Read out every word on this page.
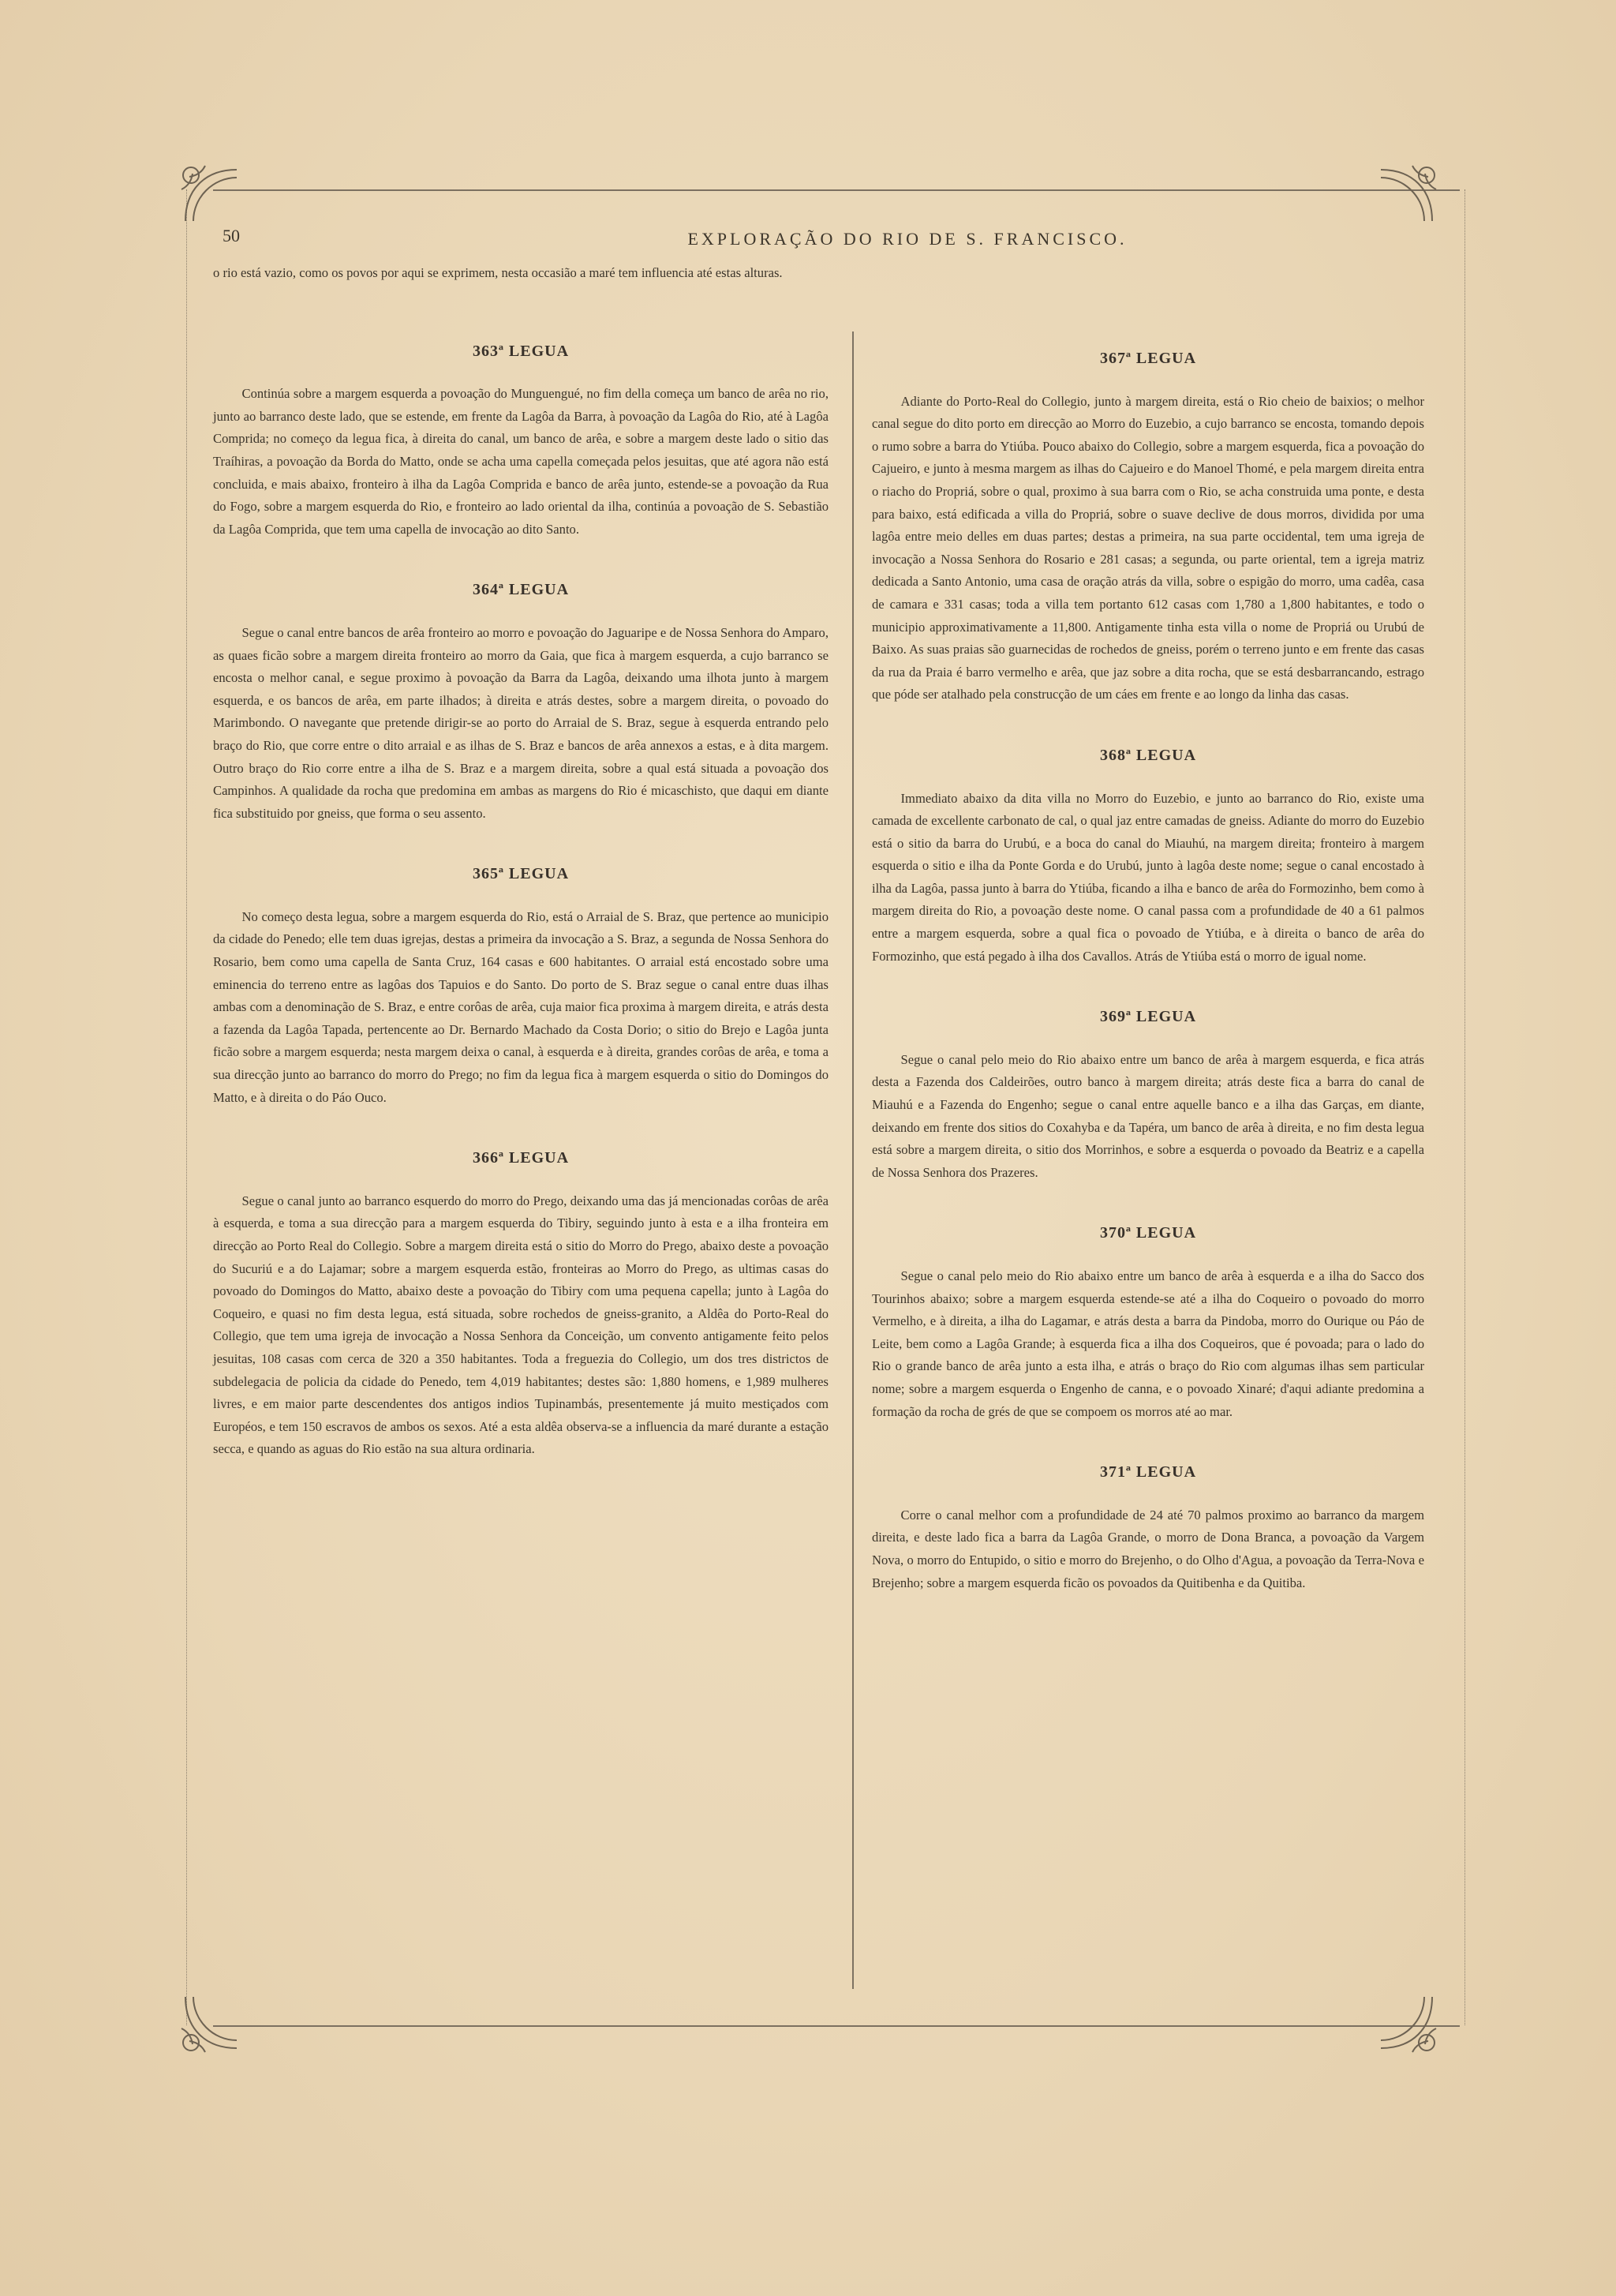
50	EXPLORAÇÃO DO RIO DE S. FRANCISCO.

o rio está vazio, como os povos por aqui se exprimem, nesta occasião a maré tem influencia até estas alturas.

363ª LEGUA

Continúa sobre a margem esquerda a povoação do Munguengué, no fim della começa um banco de arêa no rio, junto ao barranco deste lado, que se estende, em frente da Lagôa da Barra, à povoação da Lagôa do Rio, até à Lagôa Comprida; no começo da legua fica, à direita do canal, um banco de arêa, e sobre a margem deste lado o sitio das Traíhiras, a povoação da Borda do Matto, onde se acha uma capella começada pelos jesuitas, que até agora não está concluida, e mais abaixo, fronteiro à ilha da Lagôa Comprida e banco de arêa junto, estende-se a povoação da Rua do Fogo, sobre a margem esquerda do Rio, e fronteiro ao lado oriental da ilha, continúa a povoação de S. Sebastião da Lagôa Comprida, que tem uma capella de invocação ao dito Santo.

364ª LEGUA

Segue o canal entre bancos de arêa fronteiro ao morro e povoação do Jaguaripe e de Nossa Senhora do Amparo, as quaes ficão sobre a margem direita fronteiro ao morro da Gaia, que fica à margem esquerda, a cujo barranco se encosta o melhor canal, e segue proximo à povoação da Barra da Lagôa, deixando uma ilhota junto à margem esquerda, e os bancos de arêa, em parte ilhados; à direita e atrás destes, sobre a margem direita, o povoado do Marimbondo. O navegante que pretende dirigir-se ao porto do Arraial de S. Braz, segue à esquerda entrando pelo braço do Rio, que corre entre o dito arraial e as ilhas de S. Braz e bancos de arêa annexos a estas, e à dita margem. Outro braço do Rio corre entre a ilha de S. Braz e a margem direita, sobre a qual está situada a povoação dos Campinhos. A qualidade da rocha que predomina em ambas as margens do Rio é micaschisto, que daqui em diante fica substituido por gneiss, que forma o seu assento.

365ª LEGUA

No começo desta legua, sobre a margem esquerda do Rio, está o Arraial de S. Braz, que pertence ao municipio da cidade do Penedo; elle tem duas igrejas, destas a primeira da invocação a S. Braz, a segunda de Nossa Senhora do Rosario, bem como uma capella de Santa Cruz, 164 casas e 600 habitantes. O arraial está encostado sobre uma eminencia do terreno entre as lagôas dos Tapuios e do Santo. Do porto de S. Braz segue o canal entre duas ilhas ambas com a denominação de S. Braz, e entre corôas de arêa, cuja maior fica proxima à margem direita, e atrás desta a fazenda da Lagôa Tapada, pertencente ao Dr. Bernardo Machado da Costa Dorio; o sitio do Brejo e Lagôa junta ficão sobre a margem esquerda; nesta margem deixa o canal, à esquerda e à direita, grandes corôas de arêa, e toma a sua direcção junto ao barranco do morro do Prego; no fim da legua fica à margem esquerda o sitio do Domingos do Matto, e à direita o do Páo Ouco.

366ª LEGUA

Segue o canal junto ao barranco esquerdo do morro do Prego, deixando uma das já mencionadas corôas de arêa à esquerda, e toma a sua direcção para a margem esquerda do Tibiry, seguindo junto à esta e a ilha fronteira em direcção ao Porto Real do Collegio. Sobre a margem direita está o sitio do Morro do Prego, abaixo deste a povoação do Sucuriú e a do Lajamar; sobre a margem esquerda estão, fronteiras ao Morro do Prego, as ultimas casas do povoado do Domingos do Matto, abaixo deste a povoação do Tibiry com uma pequena capella; junto à Lagôa do Coqueiro, e quasi no fim desta legua, está situada, sobre rochedos de gneiss-granito, a Aldêa do Porto-Real do Collegio, que tem uma igreja de invocação a Nossa Senhora da Conceição, um convento antigamente feito pelos jesuitas, 108 casas com cerca de 320 a 350 habitantes. Toda a freguezia do Collegio, um dos tres districtos de subdelegacia de policia da cidade do Penedo, tem 4,019 habitantes; destes são: 1,880 homens, e 1,989 mulheres livres, e em maior parte descendentes dos antigos indios Tupinambás, presentemente já muito mestiçados com Européos, e tem 150 escravos de ambos os sexos. Até a esta aldêa observa-se a influencia da maré durante a estação secca, e quando as aguas do Rio estão na sua altura ordinaria.

367ª LEGUA

Adiante do Porto-Real do Collegio, junto à margem direita, está o Rio cheio de baixios; o melhor canal segue do dito porto em direcção ao Morro do Euzebio, a cujo barranco se encosta, tomando depois o rumo sobre a barra do Ytiúba. Pouco abaixo do Collegio, sobre a margem esquerda, fica a povoação do Cajueiro, e junto à mesma margem as ilhas do Cajueiro e do Manoel Thomé, e pela margem direita entra o riacho do Propriá, sobre o qual, proximo à sua barra com o Rio, se acha construida uma ponte, e desta para baixo, está edificada a villa do Propriá, sobre o suave declive de dous morros, dividida por uma lagôa entre meio delles em duas partes; destas a primeira, na sua parte occidental, tem uma igreja de invocação a Nossa Senhora do Rosario e 281 casas; a segunda, ou parte oriental, tem a igreja matriz dedicada a Santo Antonio, uma casa de oração atrás da villa, sobre o espigão do morro, uma cadêa, casa de camara e 331 casas; toda a villa tem portanto 612 casas com 1,780 a 1,800 habitantes, e todo o municipio approximativamente a 11,800. Antigamente tinha esta villa o nome de Propriá ou Urubú de Baixo. As suas praias são guarnecidas de rochedos de gneiss, porém o terreno junto e em frente das casas da rua da Praia é barro vermelho e arêa, que jaz sobre a dita rocha, que se está desbarrancando, estrago que póde ser atalhado pela construcção de um cáes em frente e ao longo da linha das casas.

368ª LEGUA

Immediato abaixo da dita villa no Morro do Euzebio, e junto ao barranco do Rio, existe uma camada de excellente carbonato de cal, o qual jaz entre camadas de gneiss. Adiante do morro do Euzebio está o sitio da barra do Urubú, e a boca do canal do Miauhú, na margem direita; fronteiro à margem esquerda o sitio e ilha da Ponte Gorda e do Urubú, junto à lagôa deste nome; segue o canal encostado à ilha da Lagôa, passa junto à barra do Ytiúba, ficando a ilha e banco de arêa do Formozinho, bem como à margem direita do Rio, a povoação deste nome. O canal passa com a profundidade de 40 a 61 palmos entre a margem esquerda, sobre a qual fica o povoado de Ytiúba, e à direita o banco de arêa do Formozinho, que está pegado à ilha dos Cavallos. Atrás de Ytiúba está o morro de igual nome.

369ª LEGUA

Segue o canal pelo meio do Rio abaixo entre um banco de arêa à margem esquerda, e fica atrás desta a Fazenda dos Caldeirões, outro banco à margem direita; atrás deste fica a barra do canal de Miauhú e a Fazenda do Engenho; segue o canal entre aquelle banco e a ilha das Garças, em diante, deixando em frente dos sitios do Coxahyba e da Tapéra, um banco de arêa à direita, e no fim desta legua está sobre a margem direita, o sitio dos Morrinhos, e sobre a esquerda o povoado da Beatriz e a capella de Nossa Senhora dos Prazeres.

370ª LEGUA

Segue o canal pelo meio do Rio abaixo entre um banco de arêa à esquerda e a ilha do Sacco dos Tourinhos abaixo; sobre a margem esquerda estende-se até a ilha do Coqueiro o povoado do morro Vermelho, e à direita, a ilha do Lagamar, e atrás desta a barra da Pindoba, morro do Ourique ou Páo de Leite, bem como a Lagôa Grande; à esquerda fica a ilha dos Coqueiros, que é povoada; para o lado do Rio o grande banco de arêa junto a esta ilha, e atrás o braço do Rio com algumas ilhas sem particular nome; sobre a margem esquerda o Engenho de canna, e o povoado Xinaré; d'aqui adiante predomina a formação da rocha de grés de que se compoem os morros até ao mar.

371ª LEGUA

Corre o canal melhor com a profundidade de 24 até 70 palmos proximo ao barranco da margem direita, e deste lado fica a barra da Lagôa Grande, o morro de Dona Branca, a povoação da Vargem Nova, o morro do Entupido, o sitio e morro do Brejenho, o do Olho d'Agua, a povoação da Terra-Nova e Brejenho; sobre a margem esquerda ficão os povoados da Quitibenha e da Quitiba.
